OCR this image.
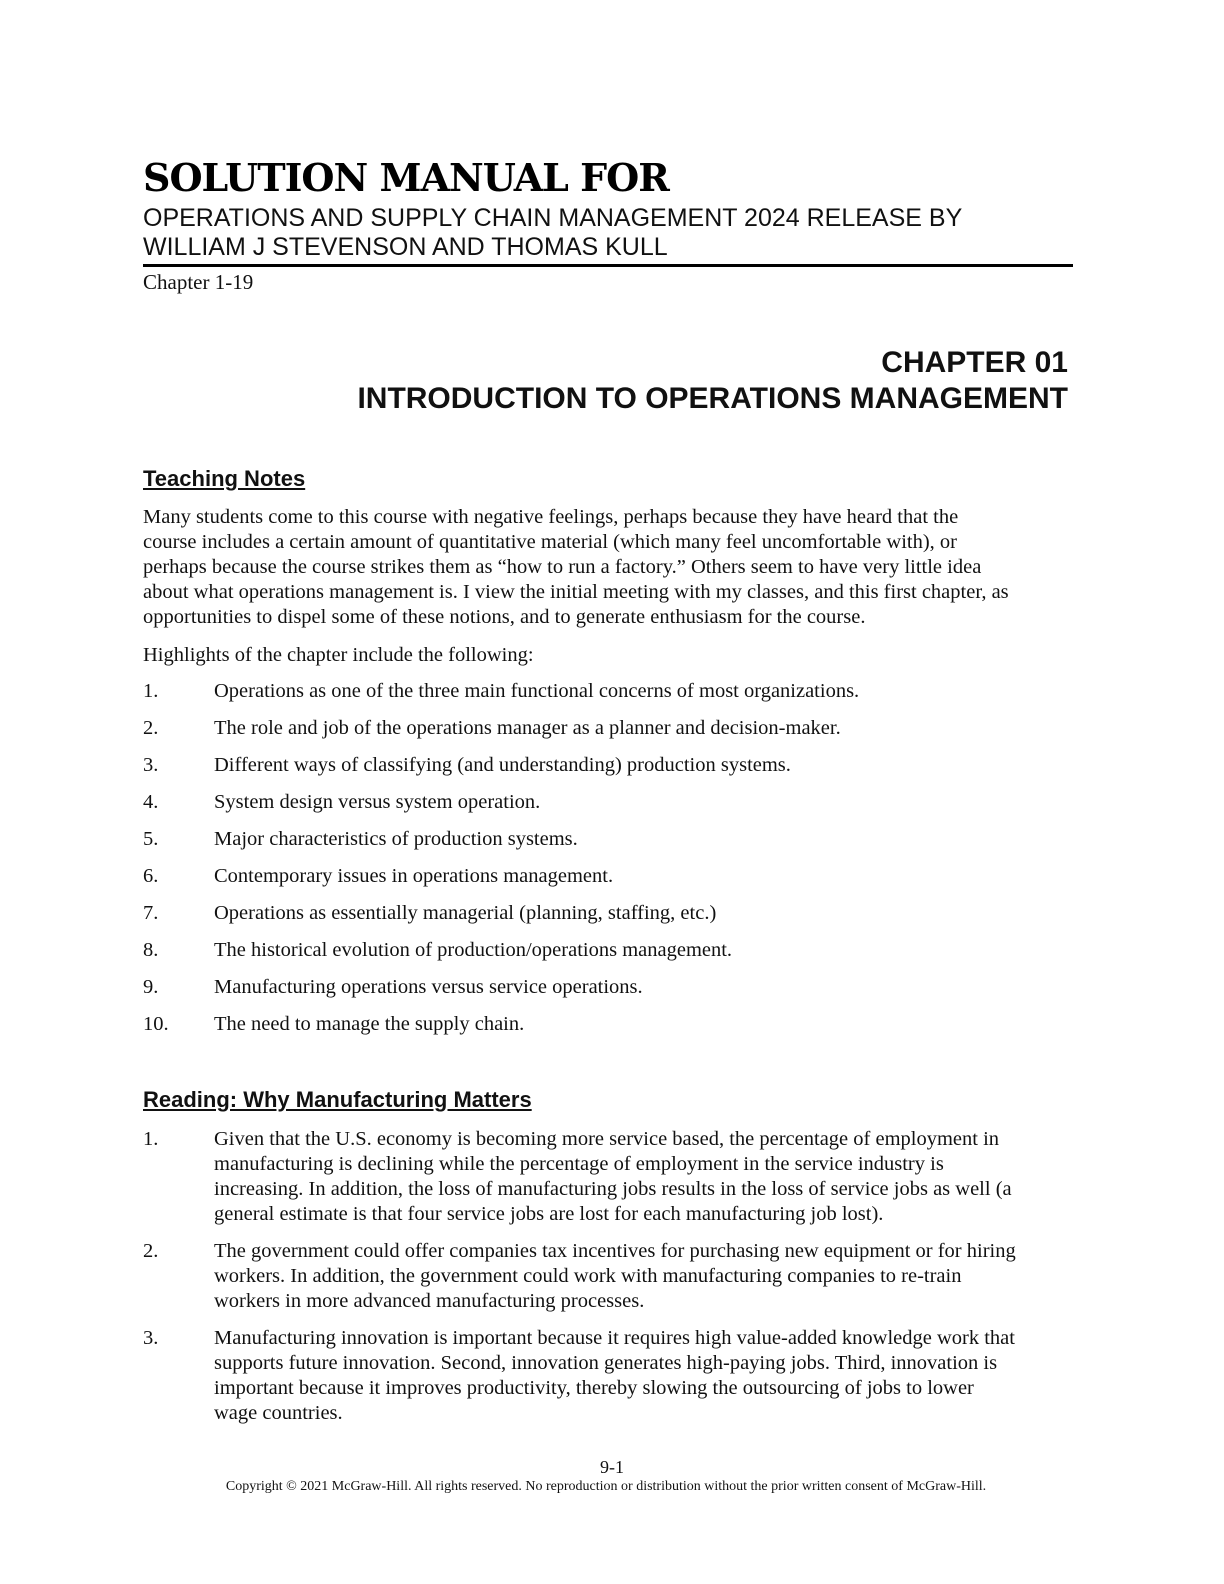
SOLUTION MANUAL FOR
OPERATIONS AND SUPPLY CHAIN MANAGEMENT 2024 RELEASE BY
WILLIAM J STEVENSON AND THOMAS KULL
Chapter 1-19
CHAPTER 01
INTRODUCTION TO OPERATIONS MANAGEMENT
Teaching Notes
Many students come to this course with negative feelings, perhaps because they have heard that the
course includes a certain amount of quantitative material (which many feel uncomfortable with), or
perhaps because the course strikes them as “how to run a factory.” Others seem to have very little idea
about what operations management is. I view the initial meeting with my classes, and this first chapter, as
opportunities to dispel some of these notions, and to generate enthusiasm for the course.
Highlights of the chapter include the following:
1.	Operations as one of the three main functional concerns of most organizations.
2.	The role and job of the operations manager as a planner and decision-maker.
3.	Different ways of classifying (and understanding) production systems.
4.	System design versus system operation.
5.	Major characteristics of production systems.
6.	Contemporary issues in operations management.
7.	Operations as essentially managerial (planning, staffing, etc.)
8.	The historical evolution of production/operations management.
9.	Manufacturing operations versus service operations.
10.	The need to manage the supply chain.
Reading: Why Manufacturing Matters
1.	Given that the U.S. economy is becoming more service based, the percentage of employment in
manufacturing is declining while the percentage of employment in the service industry is
increasing. In addition, the loss of manufacturing jobs results in the loss of service jobs as well (a
general estimate is that four service jobs are lost for each manufacturing job lost).
2.	The government could offer companies tax incentives for purchasing new equipment or for hiring
workers. In addition, the government could work with manufacturing companies to re-train
workers in more advanced manufacturing processes.
3.	Manufacturing innovation is important because it requires high value-added knowledge work that
supports future innovation. Second, innovation generates high-paying jobs. Third, innovation is
important because it improves productivity, thereby slowing the outsourcing of jobs to lower
wage countries.
9-1
Copyright © 2021 McGraw-Hill. All rights reserved. No reproduction or distribution without the prior written consent of McGraw-Hill.
